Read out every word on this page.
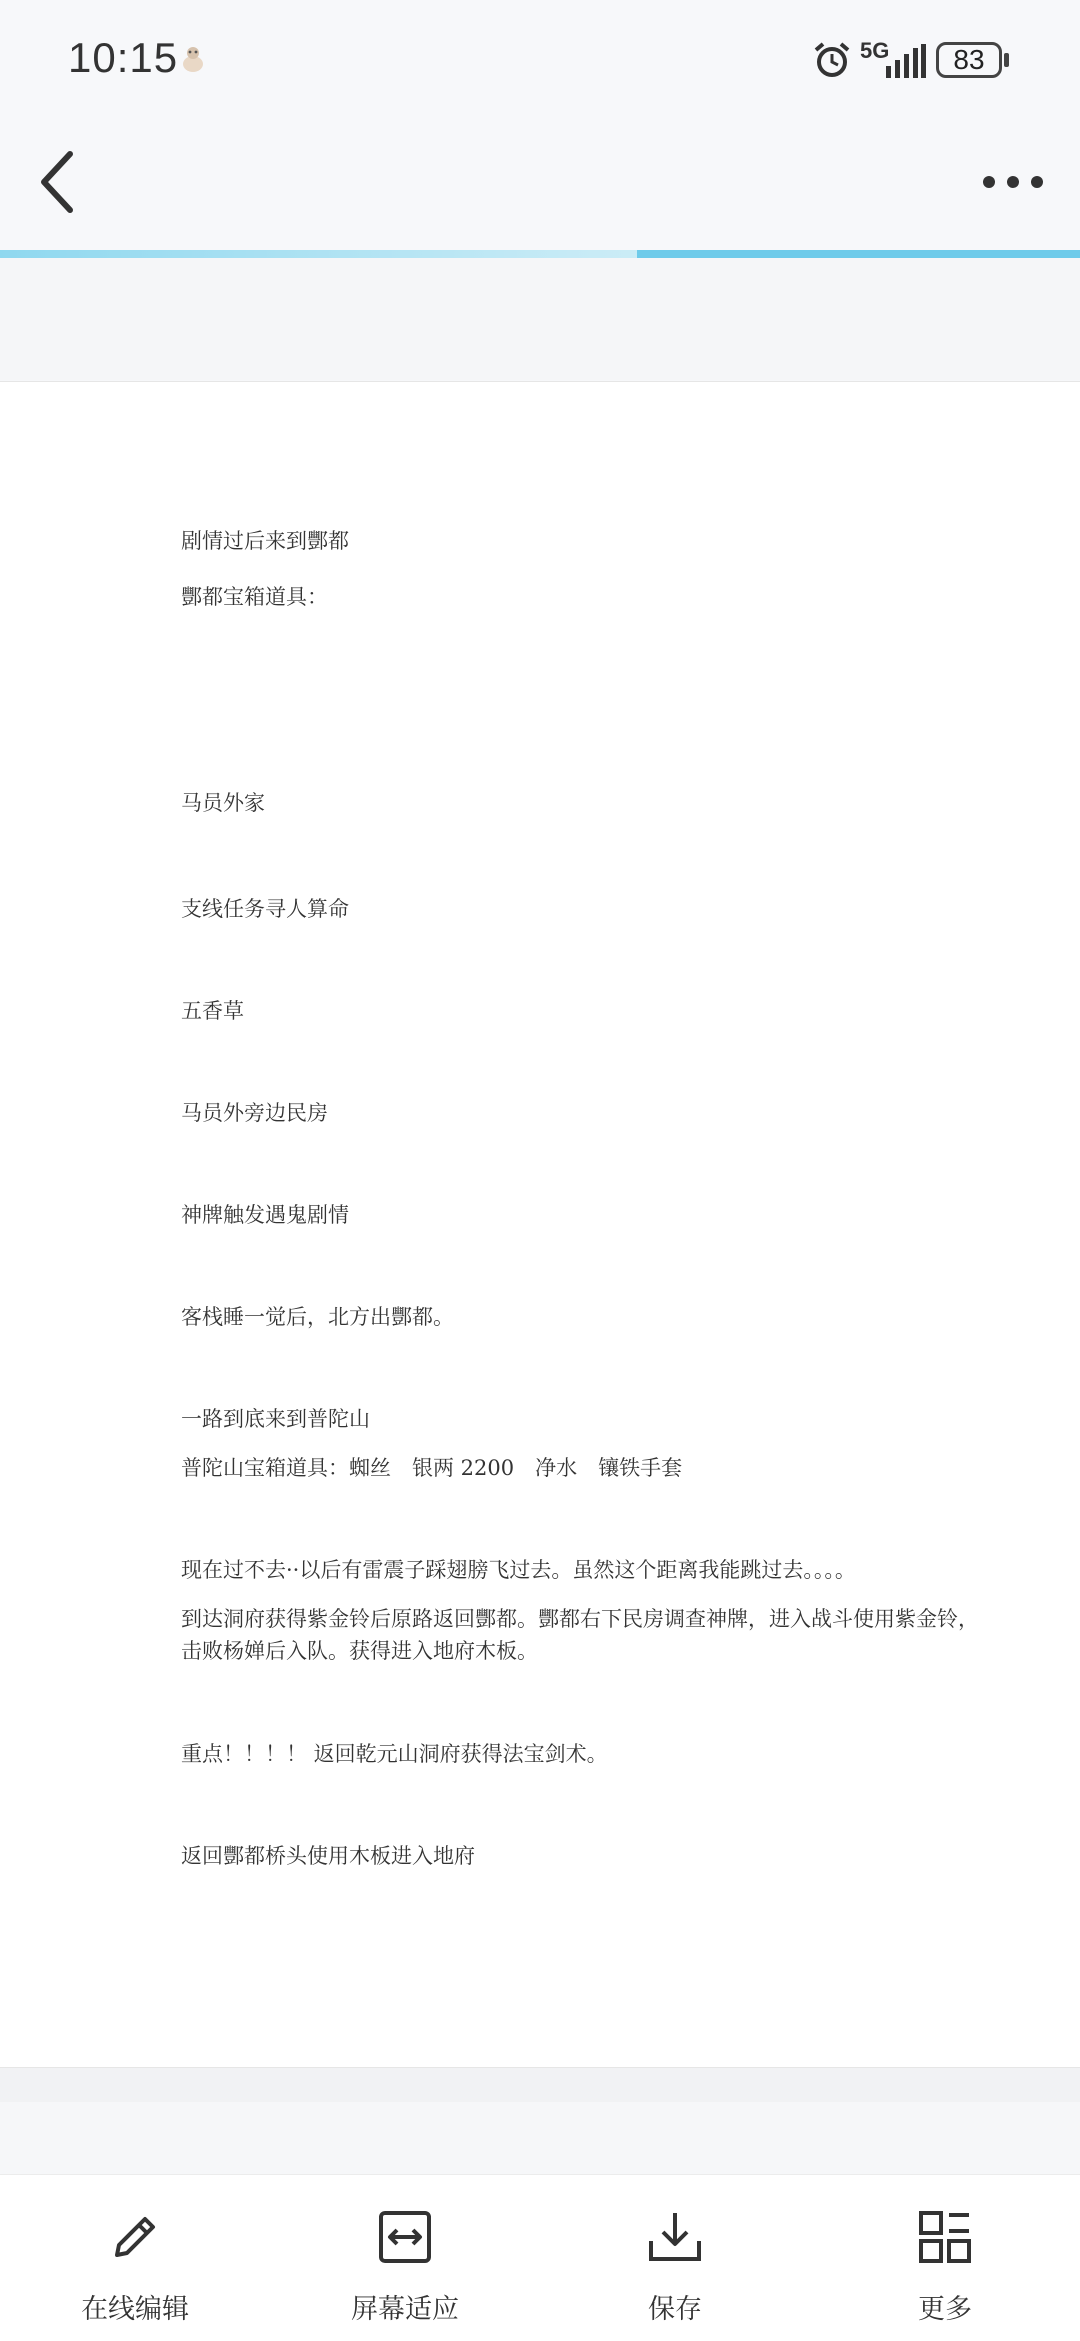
10:15	5G	83
剧情过后来到酆都
酆都宝箱道具：
马员外家
支线任务寻人算命
五香草
马员外旁边民房
神牌触发遇鬼剧情
客栈睡一觉后，北方出酆都。
一路到底来到普陀山
普陀山宝箱道具：蜘丝　银两 2200　净水　镶铁手套
现在过不去··以后有雷震子踩翅膀飞过去。虽然这个距离我能跳过去。。。。
到达洞府获得紫金铃后原路返回酆都。酆都右下民房调查神牌，进入战斗使用紫金铃，击败杨婵后入队。获得进入地府木板。
重点！！！！ 返回乾元山洞府获得法宝剑术。
返回酆都桥头使用木板进入地府
在线编辑	屏幕适应	保存	更多
